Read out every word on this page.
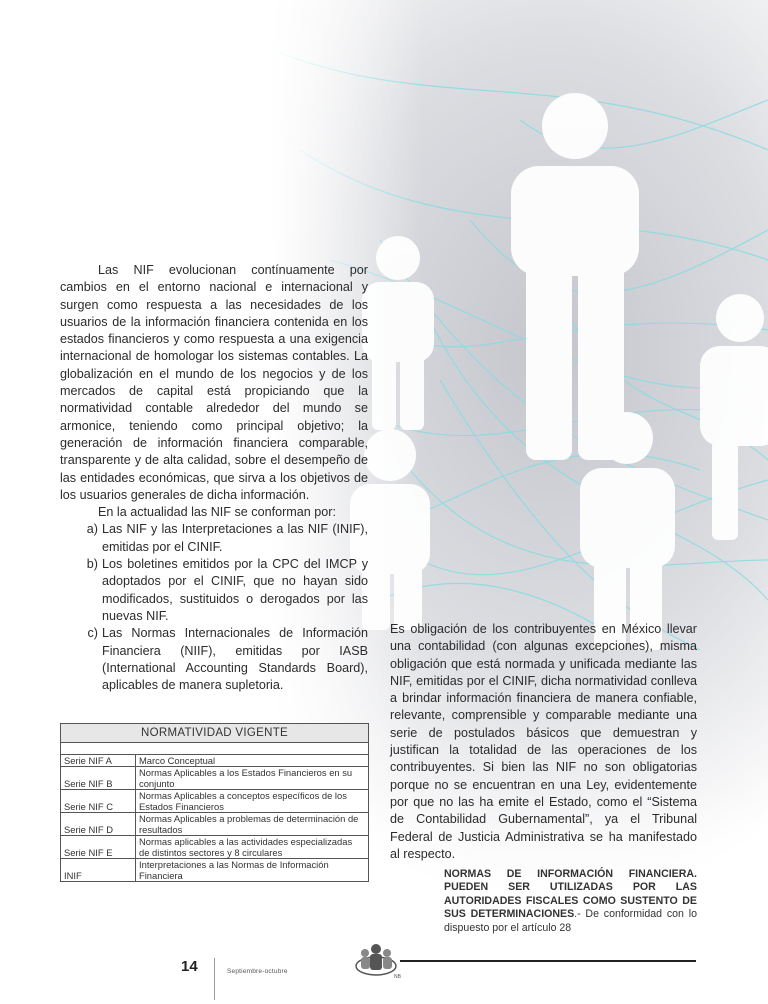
Las NIF evolucionan contínuamente por cambios en el entorno nacional e internacional y surgen como respuesta a las necesidades de los usuarios de la información financiera contenida en los estados financieros y como respuesta a una exigencia internacional de homologar los sistemas contables. La globalización en el mundo de los negocios y de los mercados de capital está propiciando que la normatividad contable alrededor del mundo se armonice, teniendo como principal objetivo; la generación de información financiera comparable, transparente y de alta calidad, sobre el desempeño de las entidades económicas, que sirva a los objetivos de los usuarios generales de dicha información.

En la actualidad las NIF se conforman por:

a) Las NIF y las Interpretaciones a las NIF (INIF), emitidas por el CINIF.
b) Los boletines emitidos por la CPC del IMCP y adoptados por el CINIF, que no hayan sido modificados, sustituidos o derogados por las nuevas NIF.
c) Las Normas Internacionales de Información Financiera (NIIF), emitidas por IASB (International Accounting Standards Board), aplicables de manera supletoria.
NORMATIVIDAD VIGENTE	

Serie NIF A	Marco Conceptual
Serie NIF B	Normas Aplicables a los Estados Financieros en su conjunto
Serie NIF C	Normas Aplicables a conceptos específicos de los Estados Financieros
Serie NIF D	Normas Aplicables a problemas de determinación de resultados
Serie NIF E	Normas aplicables a las actividades especializadas de distintos sectores y 8 circulares
INIF	Interpretaciones a las Normas de Información Financiera

Es obligación de los contribuyentes en México llevar una contabilidad (con algunas excepciones), misma obligación que está normada y unificada mediante las NIF, emitidas por el CINIF, dicha normatividad conlleva a brindar información financiera de manera confiable, relevante, comprensible y comparable mediante una serie de postulados básicos que demuestran y justifican la totalidad de las operaciones de los contribuyentes. Si bien las NIF no son obligatorias porque no se encuentran en una Ley, evidentemente por que no las ha emite el Estado, como el “Sistema de Contabilidad Gubernamental”, ya el Tribunal Federal de Justicia Administrativa se ha manifestado al respecto.

NORMAS DE INFORMACIÓN FINANCIERA. PUEDEN SER UTILIZADAS POR LAS AUTORIDADES FISCALES COMO SUSTENTO DE SUS DETERMINACIONES.- De conformidad con lo dispuesto por el artículo 28
14	Septiembre-octubre
NB
